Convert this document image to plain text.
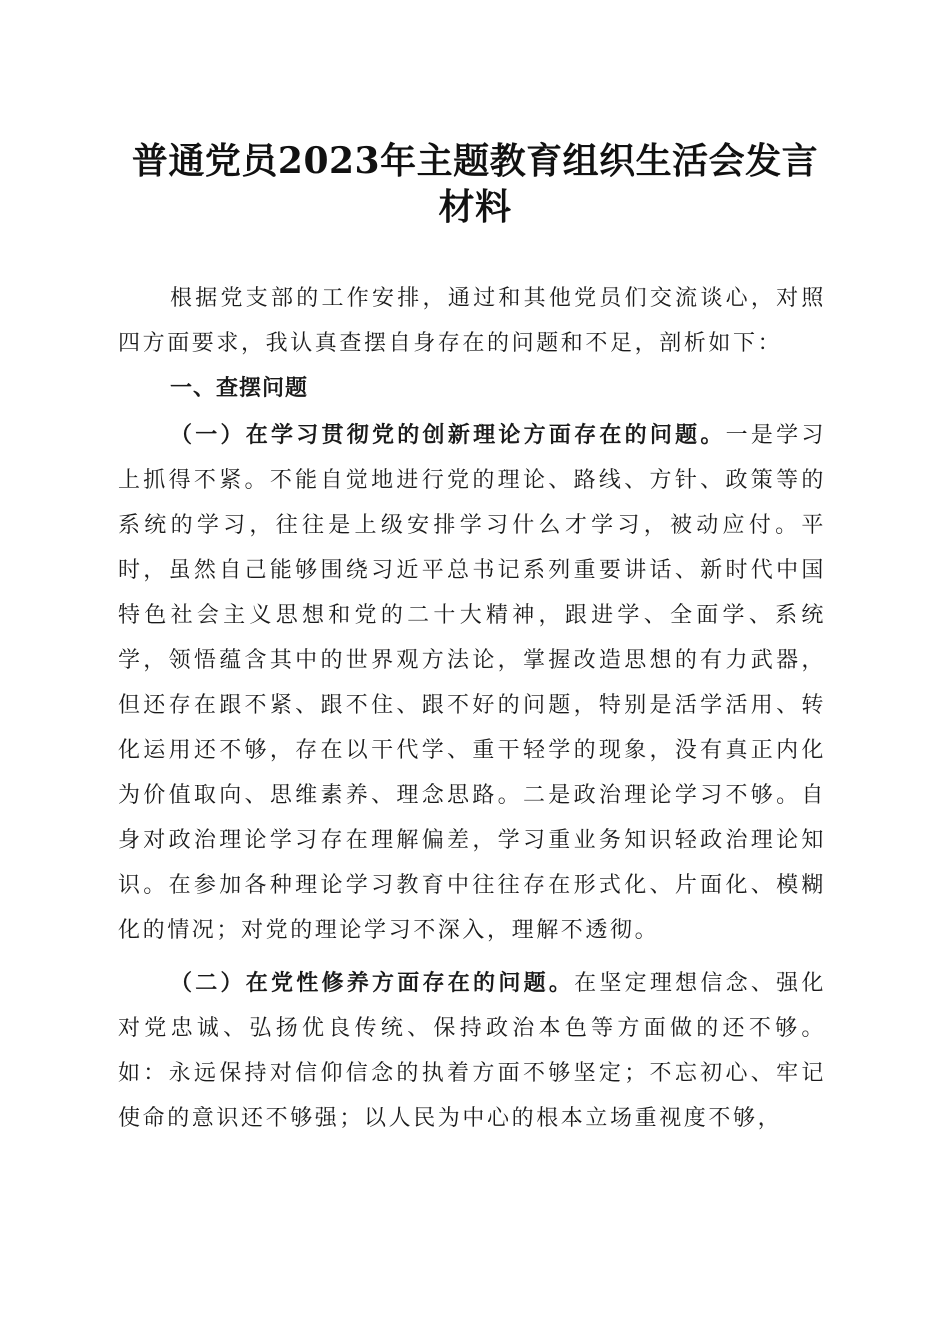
普通党员2023年主题教育组织生活会发言材料

根据党支部的工作安排，通过和其他党员们交流谈心，对照四方面要求，我认真查摆自身存在的问题和不足，剖析如下：

一、查摆问题

（一）在学习贯彻党的创新理论方面存在的问题。一是学习上抓得不紧。不能自觉地进行党的理论、路线、方针、政策等的系统的学习，往往是上级安排学习什么才学习，被动应付。平时，虽然自己能够围绕习近平总书记系列重要讲话、新时代中国特色社会主义思想和党的二十大精神，跟进学、全面学、系统学，领悟蕴含其中的世界观方法论，掌握改造思想的有力武器，但还存在跟不紧、跟不住、跟不好的问题，特别是活学活用、转化运用还不够，存在以干代学、重干轻学的现象，没有真正内化为价值取向、思维素养、理念思路。二是政治理论学习不够。自身对政治理论学习存在理解偏差，学习重业务知识轻政治理论知识。在参加各种理论学习教育中往往存在形式化、片面化、模糊化的情况；对党的理论学习不深入，理解不透彻。

（二）在党性修养方面存在的问题。在坚定理想信念、强化对党忠诚、弘扬优良传统、保持政治本色等方面做的还不够。如：永远保持对信仰信念的执着方面不够坚定；不忘初心、牢记使命的意识还不够强；以人民为中心的根本立场重视度不够，
